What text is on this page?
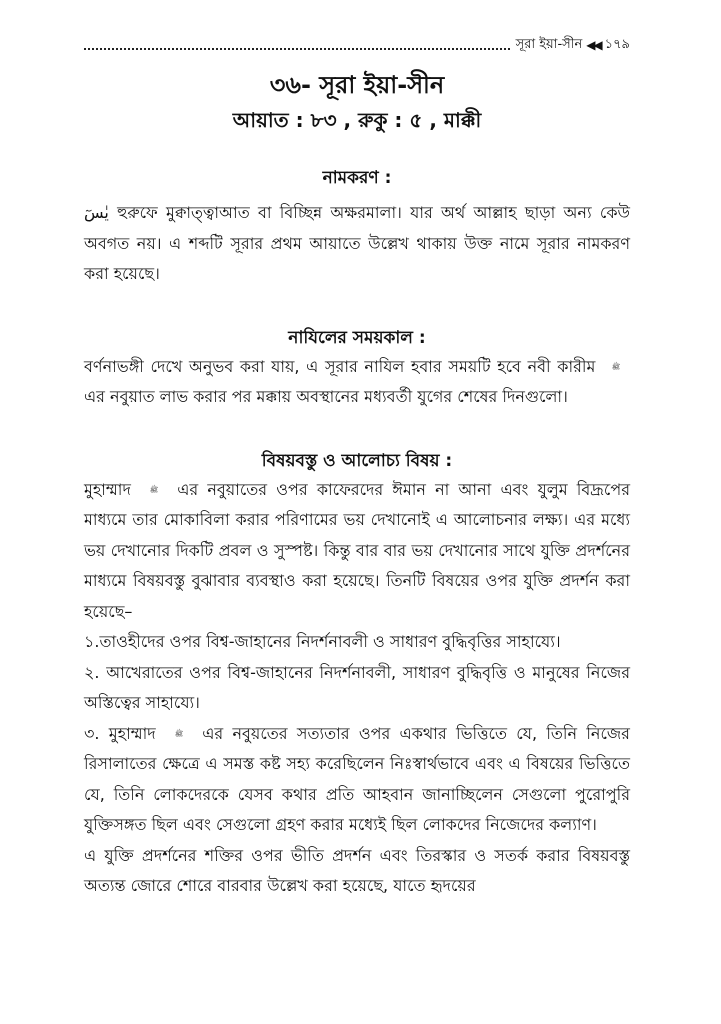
সূরা ইয়া-সীন ◀◀ ১৭৯
৩৬- সূরা ইয়া-সীন
আয়াত : ৮৩ , রুকু : ৫ , মাক্কী
নামকরণ :

يٰسٓ হুরুফে মুক্বাত্ত্বাআত বা বিচ্ছিন্ন অক্ষরমালা। যার অর্থ আল্লাহ ছাড়া অন্য কেউ অবগত নয়। এ শব্দটি সূরার প্রথম আয়াতে উল্লেখ থাকায় উক্ত নামে সূরার নামকরণ করা হয়েছে।

নাযিলের সময়কাল :

বর্ণনাভঙ্গী দেখে অনুভব করা যায়, এ সূরার নাযিল হবার সময়টি হবে নবী কারীম ﷺ এর নবুয়াত লাভ করার পর মক্কায় অবস্থানের মধ্যবর্তী যুগের শেষের দিনগুলো।

বিষয়বস্তু ও আলোচ্য বিষয় :

মুহাম্মাদ ﷺ এর নবুয়াতের ওপর কাফেরদের ঈমান না আনা এবং যুলুম বিদ্রূপের মাধ্যমে তার মোকাবিলা করার পরিণামের ভয় দেখানোই এ আলোচনার লক্ষ্য। এর মধ্যে ভয় দেখানোর দিকটি প্রবল ও সুস্পষ্ট। কিন্তু বার বার ভয় দেখানোর সাথে যুক্তি প্রদর্শনের মাধ্যমে বিষয়বস্তু বুঝাবার ব্যবস্থাও করা হয়েছে। তিনটি বিষয়ের ওপর যুক্তি প্রদর্শন করা হয়েছে–

১.তাওহীদের ওপর বিশ্ব-জাহানের নিদর্শনাবলী ও সাধারণ বুদ্ধিবৃত্তির সাহায্যে।

২. আখেরাতের ওপর বিশ্ব-জাহানের নিদর্শনাবলী, সাধারণ বুদ্ধিবৃত্তি ও মানুষের নিজের অস্তিত্বের সাহায্যে।

৩. মুহাম্মাদ ﷺ এর নবুয়তের সত্যতার ওপর একথার ভিত্তিতে যে, তিনি নিজের রিসালাতের ক্ষেত্রে এ সমস্ত কষ্ট সহ্য করেছিলেন নিঃস্বার্থভাবে এবং এ বিষয়ের ভিত্তিতে যে, তিনি লোকদেরকে যেসব কথার প্রতি আহবান জানাচ্ছিলেন সেগুলো পুরোপুরি যুক্তিসঙ্গত ছিল এবং সেগুলো গ্রহণ করার মধ্যেই ছিল লোকদের নিজেদের কল্যাণ।

এ যুক্তি প্রদর্শনের শক্তির ওপর ভীতি প্রদর্শন এবং তিরস্কার ও সতর্ক করার বিষয়বস্তু অত্যন্ত জোরে শোরে বারবার উল্লেখ করা হয়েছে, যাতে হৃদয়ের
